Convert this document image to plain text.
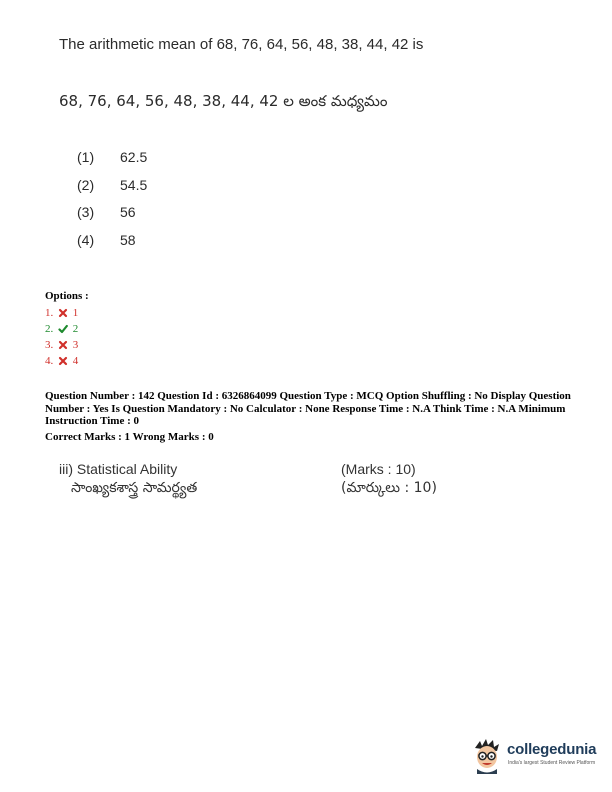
The arithmetic mean of 68, 76, 64, 56, 48, 38, 44, 42 is
68, 76, 64, 56, 48, 38, 44, 42 ల అంక మధ్యమం
(1) 62.5
(2) 54.5
(3) 56
(4) 58
Options :
1. 1
2. 2
3. 3
4. 4
Question Number : 142 Question Id : 6326864099 Question Type : MCQ Option Shuffling : No Display Question Number : Yes Is Question Mandatory : No Calculator : None Response Time : N.A Think Time : N.A Minimum Instruction Time : 0
Correct Marks : 1 Wrong Marks : 0
iii) Statistical Ability
సాంఖ్యకశాస్త్ర సామర్థ్యత
(Marks : 10)
(మార్కులు : 10)
collegedunia
India's largest Student Review Platform
